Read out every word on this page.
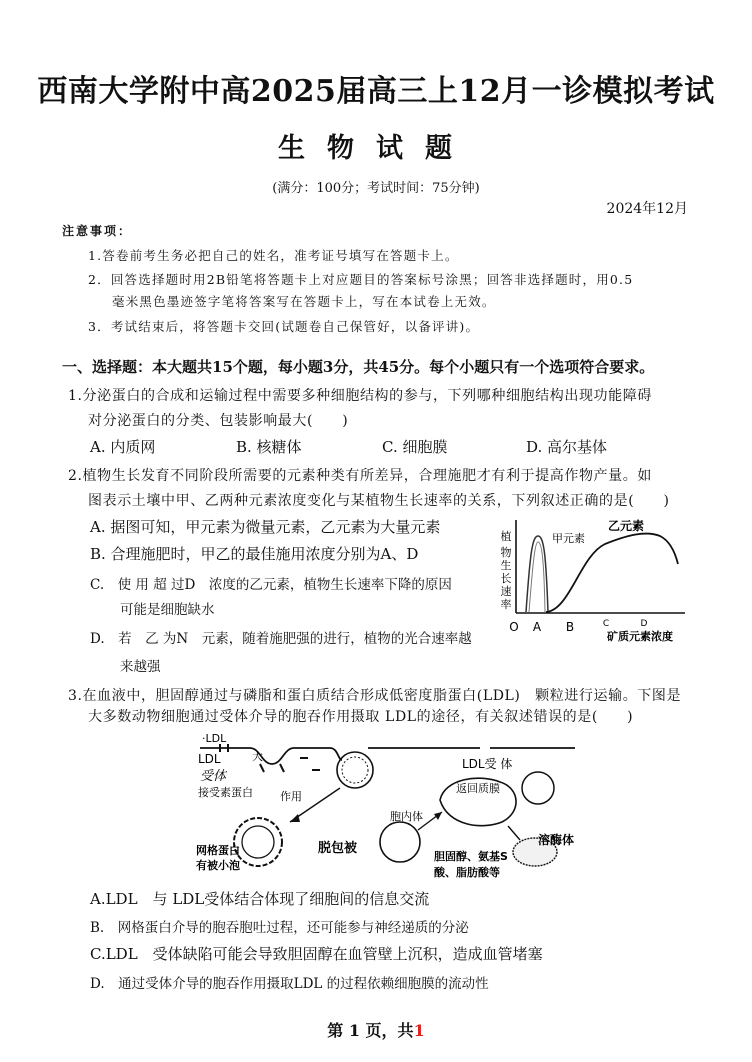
西南大学附中高2025届高三上12月一诊模拟考试
生物试题
(满分：100分；考试时间：75分钟)
2024年12月
注意事项：
1.答卷前考生务必把自己的姓名，准考证号填写在答题卡上。
2．回答选择题时用2B铅笔将答题卡上对应题目的答案标号涂黑；回答非选择题时，用0.5
毫米黑色墨迹签字笔将答案写在答题卡上，写在本试卷上无效。
3．考试结束后，将答题卡交回(试题卷自己保管好，以备评讲)。
一、选择题：本大题共15个题，每小题3分，共45分。每个小题只有一个选项符合要求。
1.分泌蛋白的合成和运输过程中需要多种细胞结构的参与，下列哪种细胞结构出现功能障碍
对分泌蛋白的分类、包装影响最大(　　)
A. 内质网	B. 核糖体	C. 细胞膜	D. 高尔基体
2.植物生长发育不同阶段所需要的元素种类有所差异，合理施肥才有利于提高作物产量。如
图表示土壤中甲、乙两种元素浓度变化与某植物生长速率的关系，下列叙述正确的是(　　)
A. 据图可知，甲元素为微量元素，乙元素为大量元素
B. 合理施肥时，甲乙的最佳施用浓度分别为A、D
C.　使 用 超 过D　浓度的乙元素，植物生长速率下降的原因
可能是细胞缺水
D.　若　乙 为N　元素，随着施肥强的进行，植物的光合速率越
来越强
植
物
生
长
速
率
甲元素
乙元素
O A B	C	D
矿质元素浓度
3.在血液中，胆固醇通过与磷脂和蛋白质结合形成低密度脂蛋白(LDL)　颗粒进行运输。下图是
大多数动物细胞通过受体介导的胞吞作用摄取 LDL的途径，有关叙述错误的是(　　)
·LDL
LDL	大
受体
接受素蛋白 作用
网格蛋白
有被小泡
脱包被
胞内体
LDL受 体
返回质膜
溶酶体
胆固醇、氨基S
酸、脂肪酸等
A.LDL　与 LDL受体结合体现了细胞间的信息交流
B.　网格蛋白介导的胞吞胞吐过程，还可能参与神经递质的分泌
C.LDL　受体缺陷可能会导致胆固醇在血管壁上沉积，造成血管堵塞
D.　通过受体介导的胞吞作用摄取LDL 的过程依赖细胞膜的流动性
第 1 页，共1
